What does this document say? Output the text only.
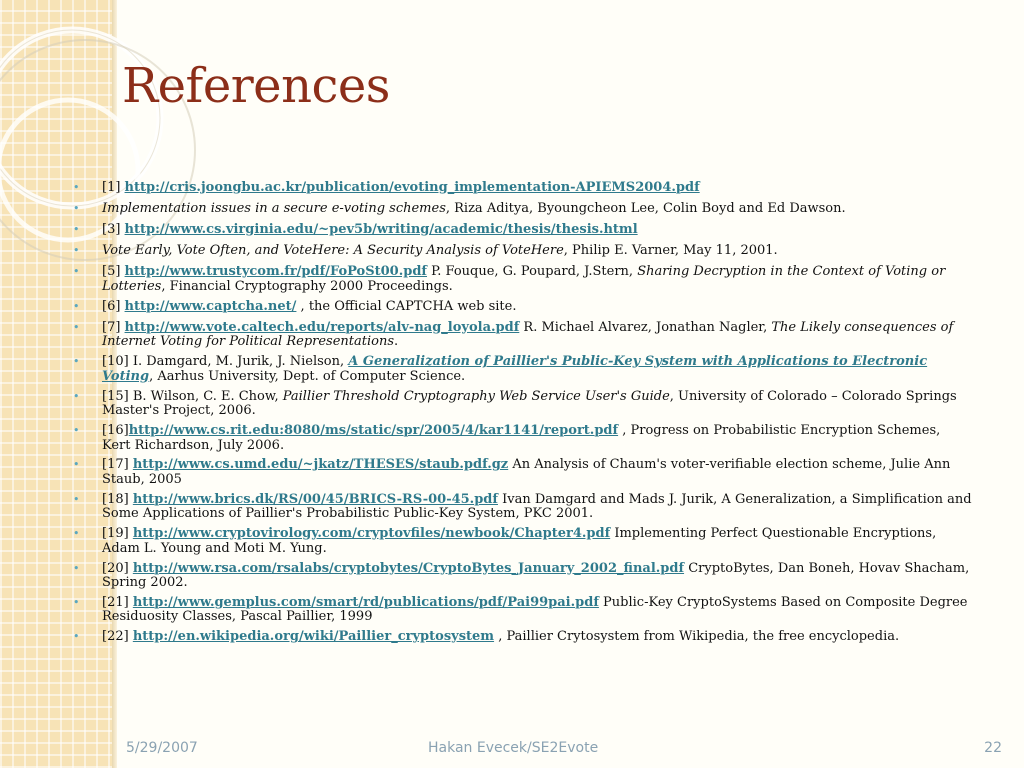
References
• [1] http://cris.joongbu.ac.kr/publication/evoting_implementation-APIEMS2004.pdf
• Implementation issues in a secure e-voting schemes, Riza Aditya, Byoungcheon Lee, Colin Boyd and Ed Dawson.
• [3] http://www.cs.virginia.edu/~pev5b/writing/academic/thesis/thesis.html
• Vote Early, Vote Often, and VoteHere: A Security Analysis of VoteHere, Philip E. Varner, May 11, 2001.
• [5] http://www.trustycom.fr/pdf/FoPoSt00.pdf P. Fouque, G. Poupard, J.Stern, Sharing Decryption in the Context of Voting or Lotteries, Financial Cryptography 2000 Proceedings.
• [6] http://www.captcha.net/ , the Official CAPTCHA web site.
• [7] http://www.vote.caltech.edu/reports/alv-nag_loyola.pdf R. Michael Alvarez, Jonathan Nagler, The Likely consequences of Internet Voting for Political Representations.
• [10] I. Damgard, M. Jurik, J. Nielson, A Generalization of Paillier's Public-Key System with Applications to Electronic Voting, Aarhus University, Dept. of Computer Science.
• [15] B. Wilson, C. E. Chow, Paillier Threshold Cryptography Web Service User's Guide, University of Colorado – Colorado Springs Master's Project, 2006.
• [16]http://www.cs.rit.edu:8080/ms/static/spr/2005/4/kar1141/report.pdf , Progress on Probabilistic Encryption Schemes, Kert Richardson, July 2006.
• [17] http://www.cs.umd.edu/~jkatz/THESES/staub.pdf.gz An Analysis of Chaum's voter-verifiable election scheme, Julie Ann Staub, 2005
• [18] http://www.brics.dk/RS/00/45/BRICS-RS-00-45.pdf Ivan Damgard and Mads J. Jurik, A Generalization, a Simplification and Some Applications of Paillier's Probabilistic Public-Key System, PKC 2001.
• [19] http://www.cryptovirology.com/cryptovfiles/newbook/Chapter4.pdf Implementing Perfect Questionable Encryptions, Adam L. Young and Moti M. Yung.
• [20] http://www.rsa.com/rsalabs/cryptobytes/CryptoBytes_January_2002_final.pdf CryptoBytes, Dan Boneh, Hovav Shacham, Spring 2002.
• [21] http://www.gemplus.com/smart/rd/publications/pdf/Pai99pai.pdf Public-Key CryptoSystems Based on Composite Degree Residuosity Classes, Pascal Paillier, 1999
• [22] http://en.wikipedia.org/wiki/Paillier_cryptosystem , Paillier Crytosystem from Wikipedia, the free encyclopedia.
5/29/2007	Hakan Evecek/SE2Evote	22
